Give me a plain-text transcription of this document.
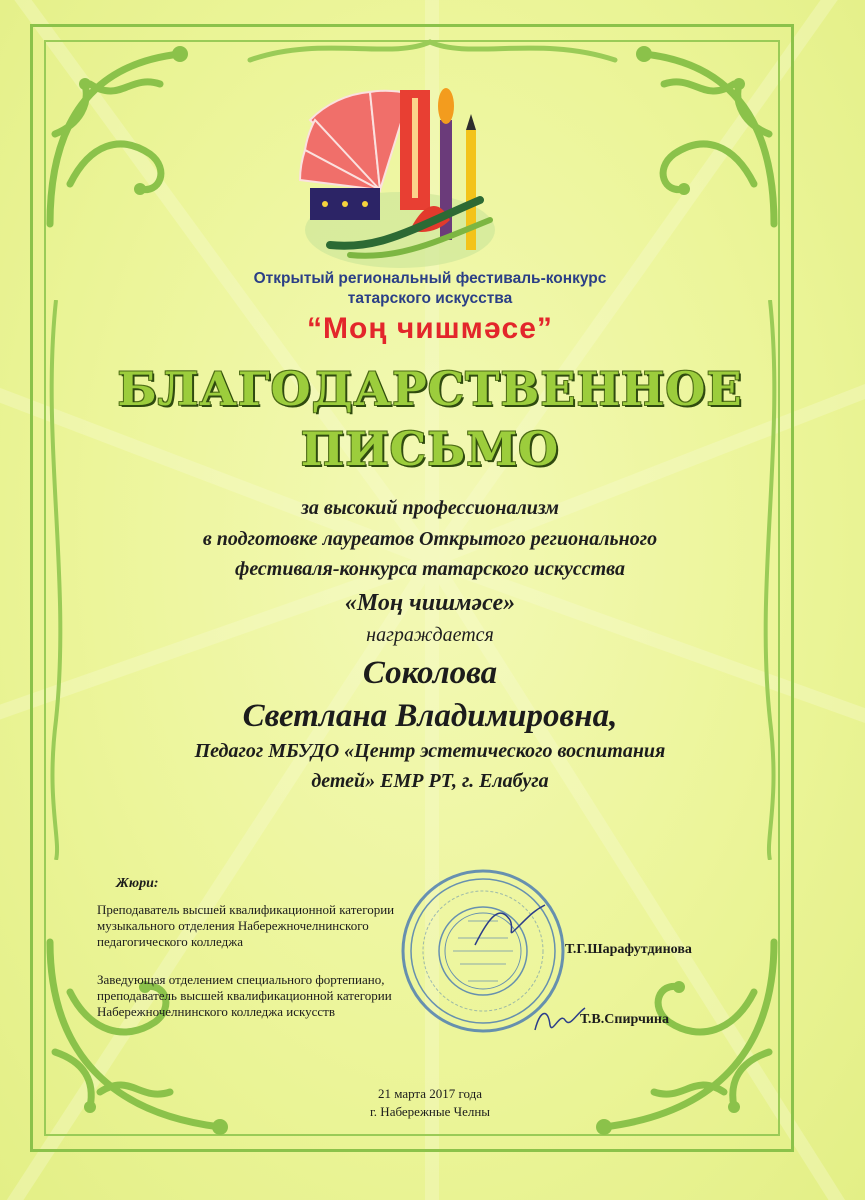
Открытый региональный фестиваль-конкурс
татарского искусства
“Моң чишмәсе”
БЛАГОДАРСТВЕННОЕ
ПИСЬМО
за высокий профессионализм
в подготовке лауреатов Открытого регионального
фестиваля-конкурса татарского искусства
«Моң чишмәсе»
награждается
Соколова
Светлана Владимировна,
Педагог МБУДО «Центр эстетического воспитания
детей» ЕМР РТ, г. Елабуга
Жюри:
Преподаватель высшей квалификационной категории
музыкального отделения Набережночелнинского
педагогического колледжа
Заведующая отделением специального фортепиано,
преподаватель высшей квалификационной категории
Набережночелнинского колледжа искусств
Т.Г.Шарафутдинова
Т.В.Спирчина
21 марта 2017 года
г. Набережные Челны
